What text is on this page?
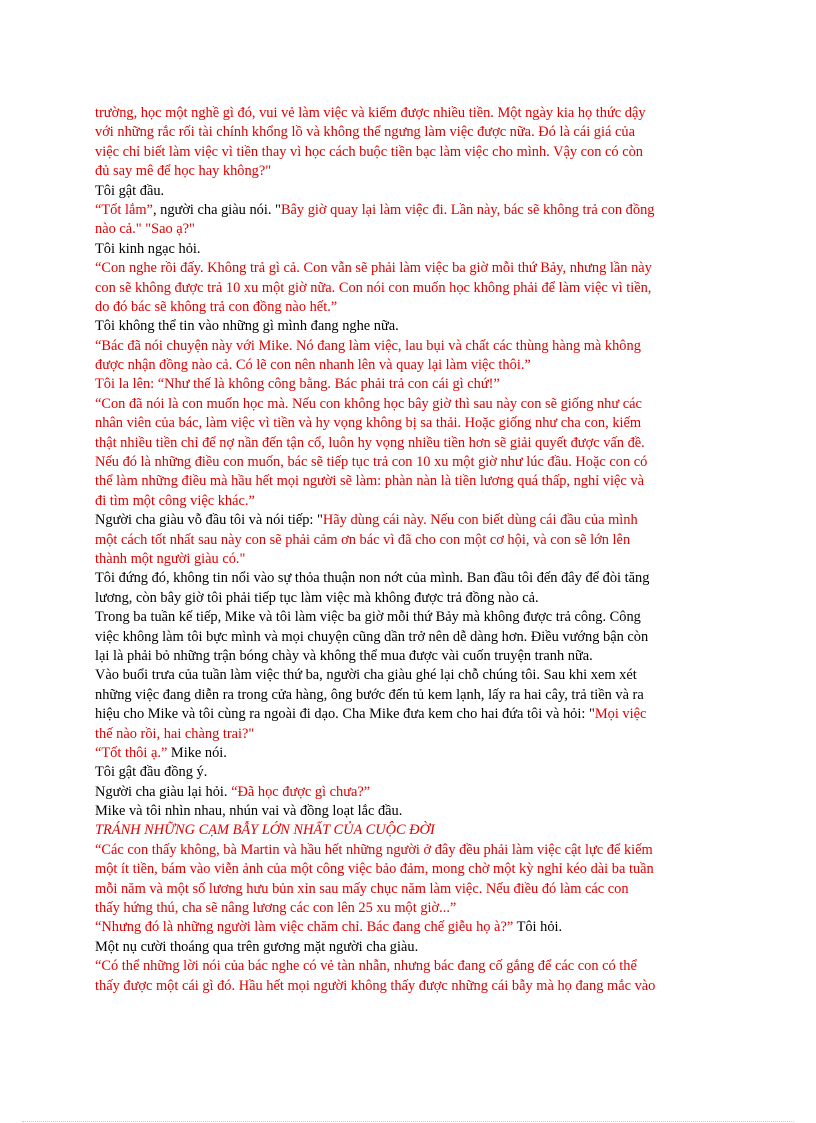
trường, học một nghề gì đó, vui vẻ làm việc và kiếm được nhiều tiền. Một ngày kia họ thức dậy
với những rắc rối tài chính khổng lồ và không thể ngưng làm việc được nữa. Đó là cái giá của
việc chỉ biết làm việc vì tiền thay vì học cách buộc tiền bạc làm việc cho mình. Vậy con có còn
đủ say mê để học hay không?"
Tôi gật đầu.
“Tốt lắm”, người cha giàu nói. "Bây giờ quay lại làm việc đi. Lần này, bác sẽ không trả con đồng
nào cả." "Sao ạ?"
Tôi kinh ngạc hỏi.
“Con nghe rồi đấy. Không trả gì cả. Con vẫn sẽ phải làm việc ba giờ mỗi thứ Bảy, nhưng lần này
con sẽ không được trả 10 xu một giờ nữa. Con nói con muốn học không phải để làm việc vì tiền,
do đó bác sẽ không trả con đồng nào hết.”
Tôi không thể tin vào những gì mình đang nghe nữa.
“Bác đã nói chuyện này với Mike. Nó đang làm việc, lau bụi và chất các thùng hàng mà không
được nhận đồng nào cả. Có lẽ con nên nhanh lên và quay lại làm việc thôi.”
Tôi la lên: “Như thế là không công bằng. Bác phải trả con cái gì chứ!”
“Con đã nói là con muốn học mà. Nếu con không học bây giờ thì sau này con sẽ giống như các
nhân viên của bác, làm việc vì tiền và hy vọng không bị sa thải. Hoặc giống như cha con, kiếm
thật nhiều tiền chỉ để nợ nần đến tận cổ, luôn hy vọng nhiều tiền hơn sẽ giải quyết được vấn đề.
Nếu đó là những điều con muốn, bác sẽ tiếp tục trả con 10 xu một giờ như lúc đầu. Hoặc con có
thể làm những điều mà hầu hết mọi người sẽ làm: phàn nàn là tiền lương quá thấp, nghỉ việc và
đi tìm một công việc khác.”
Người cha giàu vỗ đầu tôi và nói tiếp: "Hãy dùng cái này. Nếu con biết dùng cái đầu của mình
một cách tốt nhất sau này con sẽ phải cảm ơn bác vì đã cho con một cơ hội, và con sẽ lớn lên
thành một người giàu có."
Tôi đứng đó, không tin nổi vào sự thỏa thuận non nớt của mình. Ban đầu tôi đến đây để đòi tăng
lương, còn bây giờ tôi phải tiếp tục làm việc mà không được trả đồng nào cả.
Trong ba tuần kế tiếp, Mike và tôi làm việc ba giờ mỗi thứ Bảy mà không được trả công. Công
việc không làm tôi bực mình và mọi chuyện cũng dần trở nên dễ dàng hơn. Điều vướng bận còn
lại là phải bỏ những trận bóng chày và không thể mua được vài cuốn truyện tranh nữa.
Vào buổi trưa của tuần làm việc thứ ba, người cha giàu ghé lại chỗ chúng tôi. Sau khi xem xét
những việc đang diễn ra trong cửa hàng, ông bước đến tủ kem lạnh, lấy ra hai cây, trả tiền và ra
hiệu cho Mike và tôi cùng ra ngoài đi dạo. Cha Mike đưa kem cho hai đứa tôi và hỏi: "Mọi việc
thế nào rồi, hai chàng trai?"
“Tốt thôi ạ.” Mike nói.
Tôi gật đầu đồng ý.
Người cha giàu lại hỏi. “Đã học được gì chưa?”
Mike và tôi nhìn nhau, nhún vai và đồng loạt lắc đầu.
TRÁNH NHỮNG CẠM BẪY LỚN NHẤT CỦA CUỘC ĐỜI
“Các con thấy không, bà Martin và hầu hết những người ở đây đều phải làm việc cật lực để kiếm
một ít tiền, bám vào viễn ảnh của một công việc bảo đảm, mong chờ một kỳ nghỉ kéo dài ba tuần
mỗi năm và một số lương hưu bủn xỉn sau mấy chục năm làm việc. Nếu điều đó làm các con
thấy hứng thú, cha sẽ nâng lương các con lên 25 xu một giờ...”
“Nhưng đó là những người làm việc chăm chỉ. Bác đang chế giễu họ à?” Tôi hỏi.
Một nụ cười thoáng qua trên gương mặt người cha giàu.
“Có thể những lời nói của bác nghe có vẻ tàn nhẫn, nhưng bác đang cố gắng để các con có thể
thấy được một cái gì đó. Hầu hết mọi người không thấy được những cái bẫy mà họ đang mắc vào
